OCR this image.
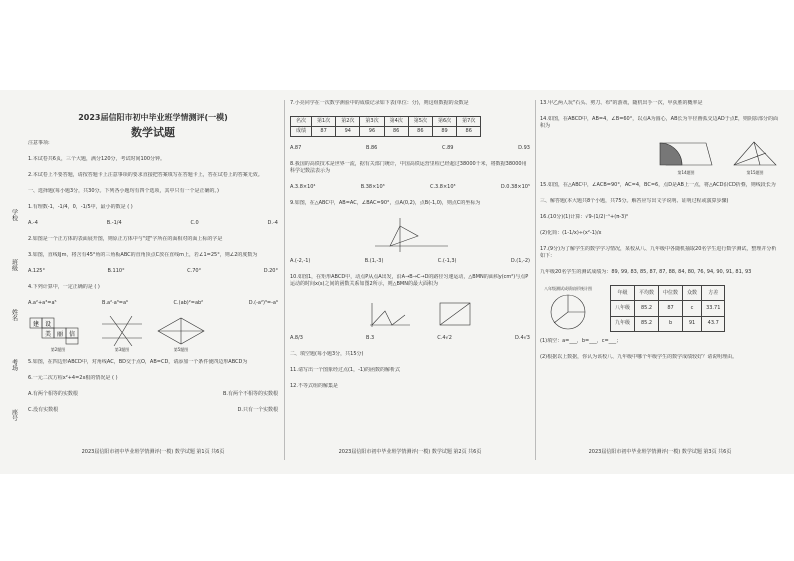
学校
班级
姓名
考场
座号
2023届信阳市初中毕业班学情测评(一模)
数学试题
注意事项:
1.本试卷共6页，三个大题，满分120分，考试时间100分钟。
2.本试卷上不要答题，请按答题卡上注意事项的要求直接把答案填写在答题卡上，答在试卷上的答案无效。
一、选择题(每小题3分，共30分。下列各小题均有四个选项，其中只有一个是正确的。)
1.有理数-1，-1/4，0，-1/5中，最小的数是 ( )
A.-4	B.-1/4	C.0	D.-4
2.如图是一个正方体的表面展开图，则原正方体中与"建"字所在的面相对的面上标的字是
3.如图，直线l∥m，将含有45°角的三角板ABC的直角顶点C放在直线m上，若∠1=25°，则∠2的度数为
A.125°	B.110°	C.70°	D.20°
4.下列计算中，一定正确的是 ( )
A.a²+a³=a⁵	B.a²·a³=a⁶	C.(ab)²=ab²	D.(-a²)³=-a⁶
建 设
美 丽 信
第2题图	第3题图	第5题图
5.如图，在四边形ABCD中，对角线AC，BD交于点O，AB=CD，请添加一个条件使四边形ABCD为
6.一元二次方程x²+4=2x根的情况是 ( )
A.有两个相等的实数根	B.有两个不相等的实数根
C.没有实数根	D.只有一个实数根
2023届信阳市初中毕业班学情测评(一模) 数学试题 第1页 共6页
7.小亮同学在一次数学测验中的成绩记录如下表(单位：分)，则这组数据的众数是
名次	第1次	第2次	第3次	第4次	第5次	第6次	第7次
成绩	87	94	96	86	86	89	86
A.87	B.86	C.89	D.93
8.我国的高铁技术是世界一流，据有关部门统计，中国高铁运营里程已经超过38000千米，将数据38000用科学记数法表示为
A.3.8×10⁴	B.38×10³	C.3.8×10³	D.0.38×10⁵
9.如图，在△ABC中，AB=AC，∠BAC=90°，点A(0,2)，点B(-1,0)，则点C的坐标为
A.(-2,-1)	B.(1,-3)	C.(-1,3)	D.(1,-2)
10.如图1，在矩形ABCD中，动点P从点A出发，沿A→B→C→D的路径匀速运动，△BMN的面积y(cm²)与点P运动的时间x(s)之间的函数关系如图2所示，则△BMN的最大面积为
A.8/3	B.3	C.4√2	D.4√3
二、填空题(每小题3分，共15分)
11.请写出一个图象经过点(1，-1)的函数的解析式
12.不等式组的解集是
2023届信阳市初中毕业班学情测评(一模) 数学试题 第2页 共6页
13.甲乙两人玩"石头、剪刀、布"的游戏，随机出手一次，甲获胜的概率是
14.如图，在ABCD中，AB=4，∠B=60°，以点A为圆心，AB长为半径画弧交边AD于点E，则阴影部分的面积为
第14题图	第15题图
15.如图，在△ABC中，∠ACB=90°，AC=4，BC=6，点D是AB上一点，将△ACD沿CD折叠，则线段长为
三、解答题(本大题共8个小题，共75分。解答应写出文字说明、证明过程或演算步骤)
16.(10分)(1)计算：√9-(1/2)⁻¹+(π-3)⁰
(2)化简：(1-1/x)÷(x²-1)/x
17.(9分)为了解学生的数学学习情况，某校从八、九年级中各随机抽取20名学生进行数学测试，整理并分析如下：
九年级20名学生的测试成绩为：89, 99, 83, 85, 87, 87, 88, 84, 80, 76, 94, 90, 91, 81, 93
八年级测试成绩扇形统计图
年级	平均数	中位数	众数	方差
八年级	85.2	87	c	33.71
九年级	85.2	b	91	43.7
(1)填空：a=___，b=___，c=___；
(2)根据以上数据，你认为该校八、九年级中哪个年级学生的数学成绩较好？请说明理由。
2023届信阳市初中毕业班学情测评(一模) 数学试题 第3页 共6页
